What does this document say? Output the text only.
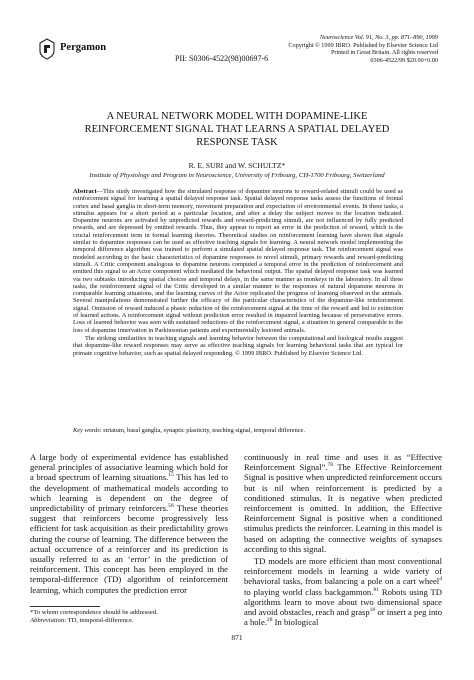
Pergamon
Neuroscience Vol. 91, No. 3, pp. 871–890, 1999
Copyright © 1999 IBRO. Published by Elsevier Science Ltd
Printed in Great Britain. All rights reserved
0306-4522/99 $20.00+0.00
PII: S0306-4522(98)00697-6
A NEURAL NETWORK MODEL WITH DOPAMINE-LIKE
REINFORCEMENT SIGNAL THAT LEARNS A SPATIAL DELAYED
RESPONSE TASK
R. E. SURI and W. SCHULTZ*
Institute of Physiology and Program in Neuroscience, University of Fribourg, CH-1700 Fribourg, Switzerland

Abstract—This study investigated how the simulated response of dopamine neurons to reward-related stimuli could be used as reinforcement signal for learning a spatial delayed response task. Spatial delayed response tasks assess the functions of frontal cortex and basal ganglia in short-term memory, movement preparation and expectation of environmental events. In these tasks, a stimulus appears for a short period at a particular location, and after a delay the subject moves to the location indicated. Dopamine neurons are activated by unpredicted rewards and reward-predicting stimuli, are not influenced by fully predicted rewards, and are depressed by omitted rewards. Thus, they appear to report an error in the prediction of reward, which is the crucial reinforcement term in formal learning theories. Theoretical studies on reinforcement learning have shown that signals similar to dopamine responses can be used as effective teaching signals for learning. A neural network model implementing the temporal difference algorithm was trained to perform a simulated spatial delayed response task. The reinforcement signal was modeled according to the basic characteristics of dopamine responses to novel stimuli, primary rewards and reward-predicting stimuli. A Critic component analogous to dopamine neurons computed a temporal error in the prediction of reinforcement and emitted this signal to an Actor component which mediated the behavioral output. The spatial delayed response task was learned via two subtasks introducing spatial choices and temporal delays, in the same manner as monkeys in the laboratory. In all three tasks, the reinforcement signal of the Critic developed in a similar manner to the responses of natural dopamine neurons in comparable learning situations, and the learning curves of the Actor replicated the progress of learning observed in the animals. Several manipulations demonstrated further the efficacy of the particular characteristics of the dopamine-like reinforcement signal. Omission of reward induced a phasic reduction of the reinforcement signal at the time of the reward and led to extinction of learned actions. A reinforcement signal without prediction error resulted in impaired learning because of perseverative errors. Loss of learned behavior was seen with sustained reductions of the reinforcement signal, a situation in general comparable to the loss of dopamine innervation in Parkinsonian patients and experimentally lesioned animals.

The striking similarities in teaching signals and learning behavior between the computational and biological results suggest that dopamine-like reward responses may serve as effective teaching signals for learning behavioral tasks that are typical for primate cognitive behavior, such as spatial delayed responding. © 1999 IBRO. Published by Elsevier Science Ltd.

Key words: striatum, basal ganglia, synaptic plasticity, teaching signal, temporal difference.

A large body of experimental evidence has established general principles of associative learning which hold for a broad spectrum of learning situations.$^{15}$ This has led to the development of mathematical models according to which learning is dependent on the degree of unpredictability of primary reinforcers.$^{56}$ These theories suggest that reinforcers become progressively less efficient for task acquisition as their predictability grows during the course of learning. The difference between the actual occurrence of a reinforcer and its prediction is usually referred to as an ‘error’ in the prediction of reinforcement. This concept has been employed in the temporal-difference (TD) algorithm of reinforcement learning, which computes the prediction error

continuously in real time and uses it as “Effective Reinforcement Signal”.$^{78}$ The Effective Reinforcement Signal is positive when unpredicted reinforcement occurs but is nil when reinforcement is predicted by a conditioned stimulus. It is negative when predicted reinforcement is omitted. In addition, the Effective Reinforcement Signal is positive when a conditioned stimulus predicts the reinforcer. Learning in this model is based on adapting the connective weights of synapses according to this signal.

TD models are more efficient than most conventional reinforcement models in learning a wide variety of behavioral tasks, from balancing a pole on a cart wheel$^4$ to playing world class backgammon.$^{81}$ Robots using TD algorithms learn to move about two dimensional space and avoid obstacles, reach and grasp$^{16}$ or insert a peg into a hole.$^{28}$ In biological

*To whom correspondence should be addressed.
Abbreviation: TD, temporal-difference.
871
